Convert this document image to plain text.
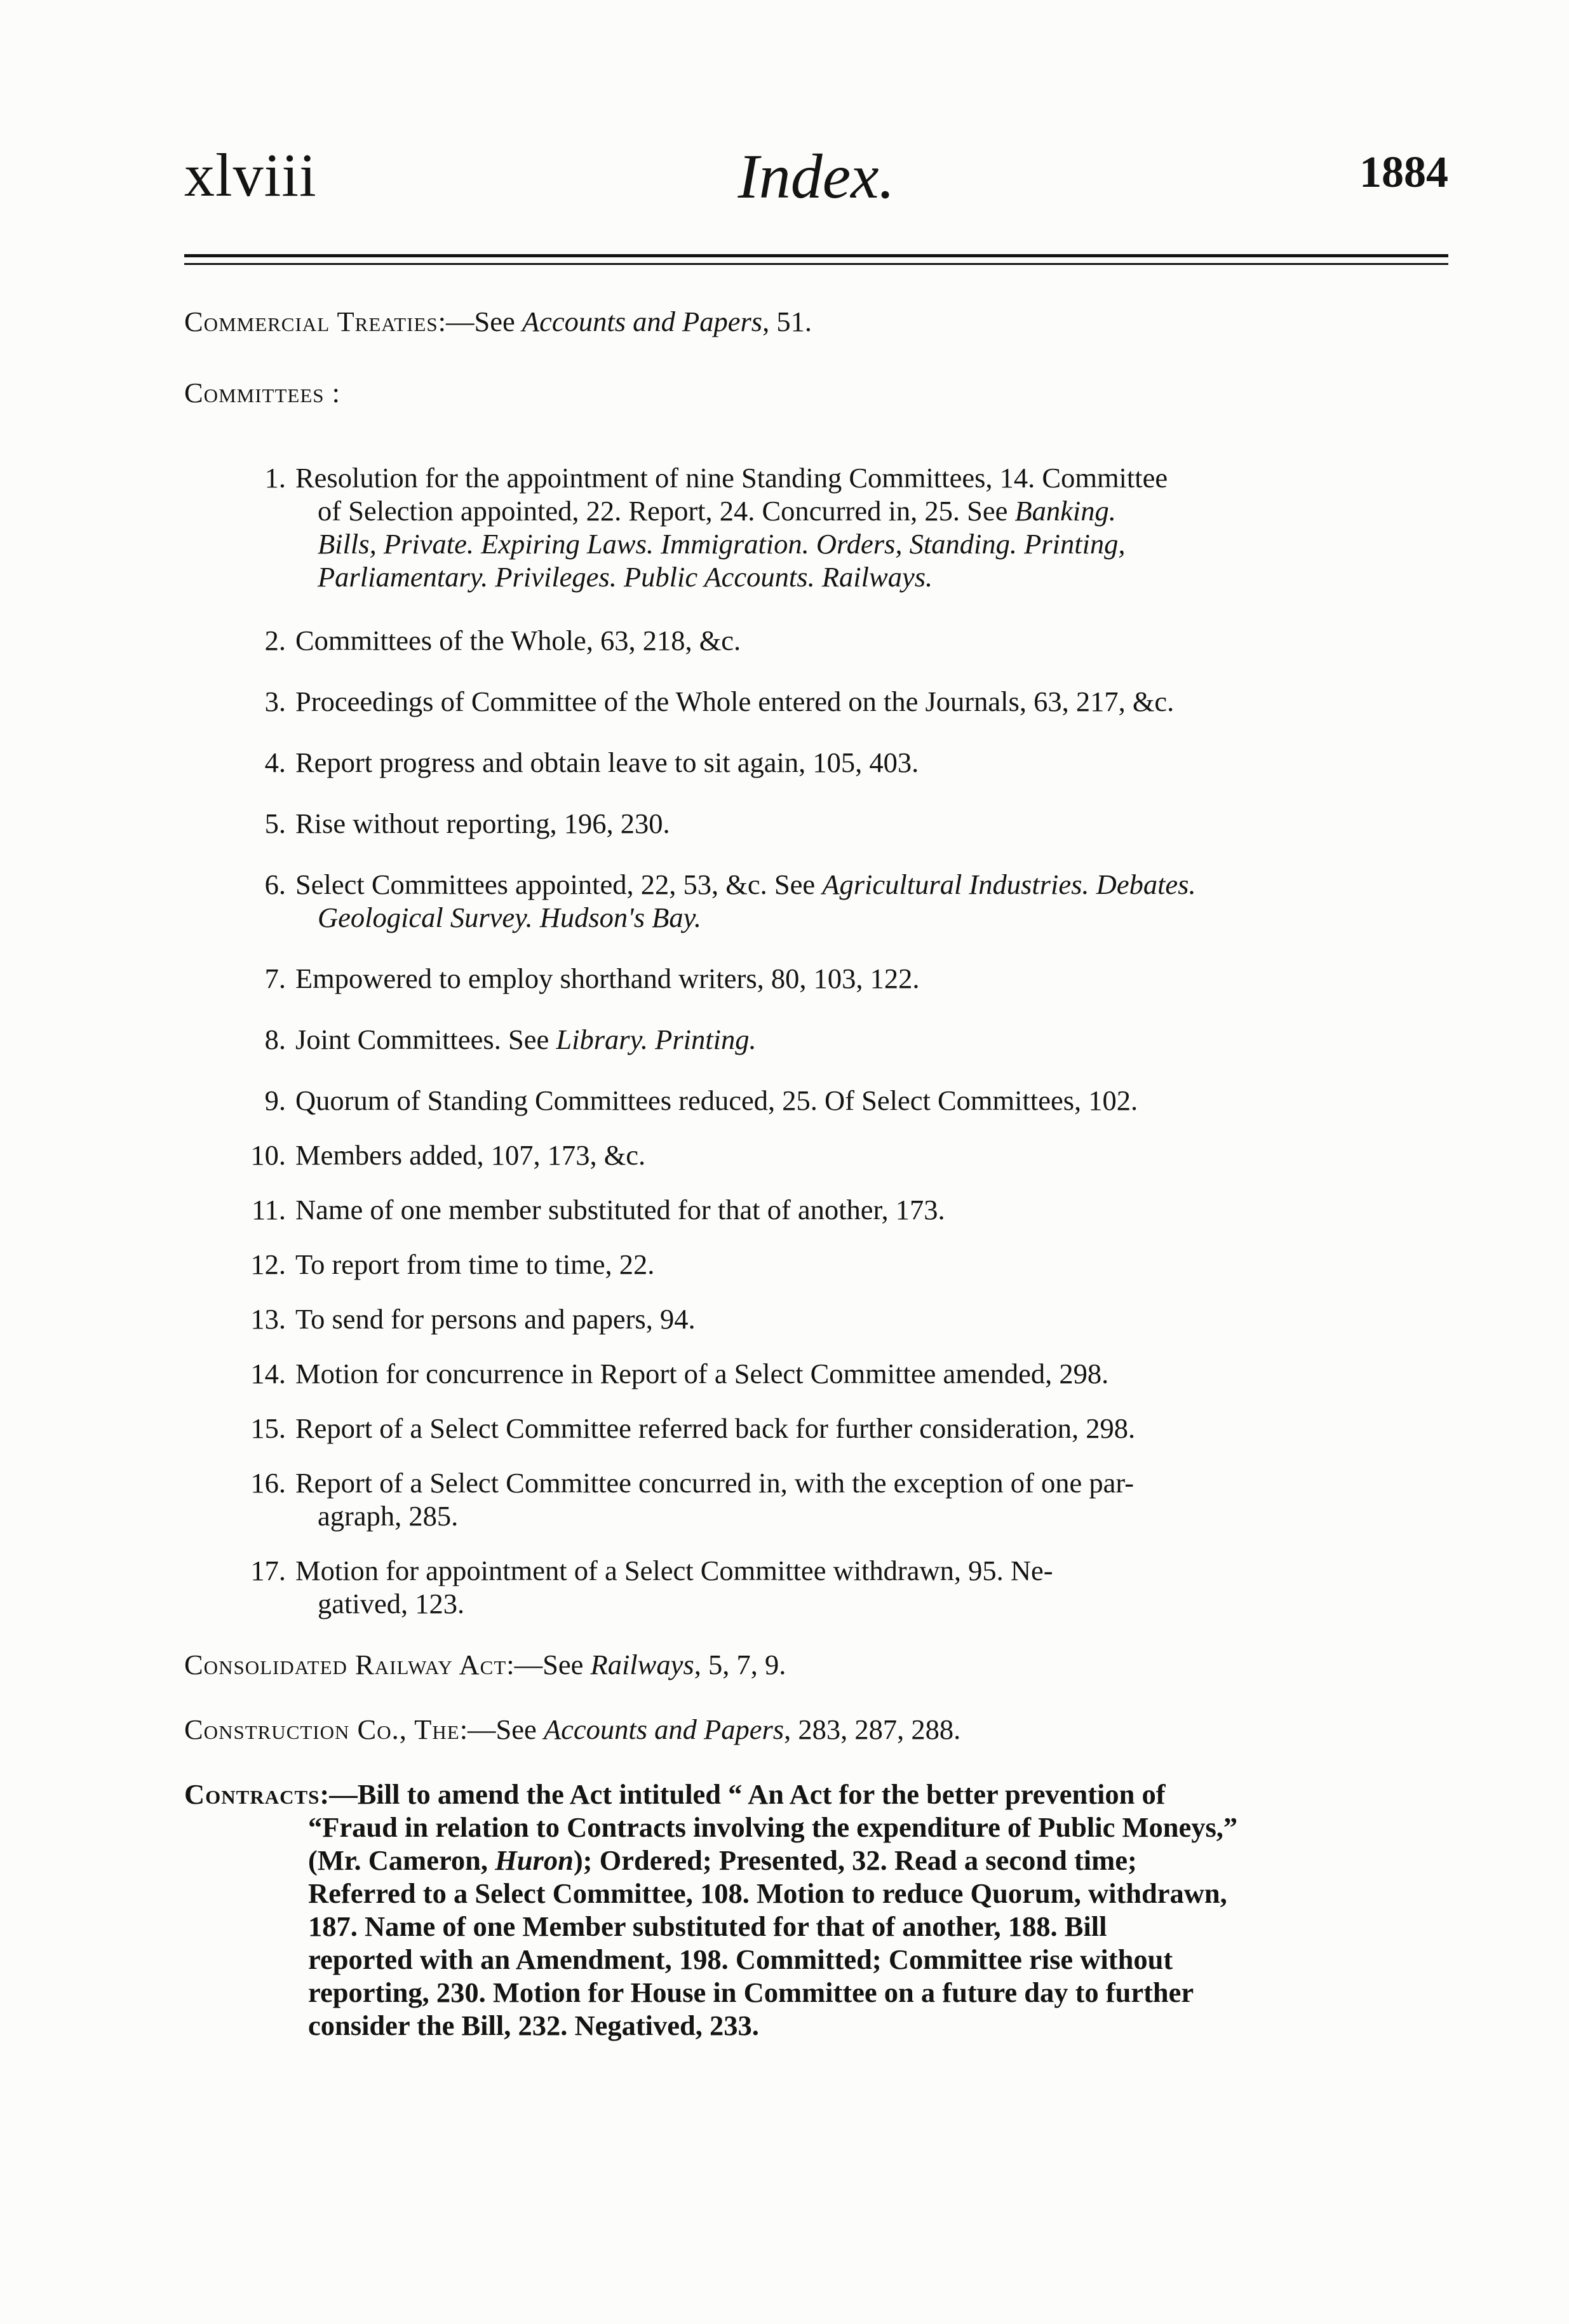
xlviii	Index.	1884

Commercial Treaties:—See Accounts and Papers, 51.

Committees :

1. Resolution for the appointment of nine Standing Committees, 14. Committee
of Selection appointed, 22. Report, 24. Concurred in, 25. See Banking.
Bills, Private. Expiring Laws. Immigration. Orders, Standing. Printing,
Parliamentary. Privileges. Public Accounts. Railways.
2. Committees of the Whole, 63, 218, &c.
3. Proceedings of Committee of the Whole entered on the Journals, 63, 217, &c.
4. Report progress and obtain leave to sit again, 105, 403.
5. Rise without reporting, 196, 230.
6. Select Committees appointed, 22, 53, &c. See Agricultural Industries. Debates.
Geological Survey. Hudson's Bay.
7. Empowered to employ shorthand writers, 80, 103, 122.
8. Joint Committees. See Library. Printing.
9. Quorum of Standing Committees reduced, 25. Of Select Committees, 102.
10. Members added, 107, 173, &c.
11. Name of one member substituted for that of another, 173.
12. To report from time to time, 22.
13. To send for persons and papers, 94.
14. Motion for concurrence in Report of a Select Committee amended, 298.
15. Report of a Select Committee referred back for further consideration, 298.
16. Report of a Select Committee concurred in, with the exception of one par-
agraph, 285.
17. Motion for appointment of a Select Committee withdrawn, 95. Ne-
gatived, 123.

Consolidated Railway Act:—See Railways, 5, 7, 9.

Construction Co., The:—See Accounts and Papers, 283, 287, 288.

Contracts:—Bill to amend the Act intituled “ An Act for the better prevention of
“Fraud in relation to Contracts involving the expenditure of Public Moneys,”
(Mr. Cameron, Huron); Ordered; Presented, 32. Read a second time;
Referred to a Select Committee, 108. Motion to reduce Quorum, withdrawn,
187. Name of one Member substituted for that of another, 188. Bill
reported with an Amendment, 198. Committed; Committee rise without
reporting, 230. Motion for House in Committee on a future day to further
consider the Bill, 232. Negatived, 233.
